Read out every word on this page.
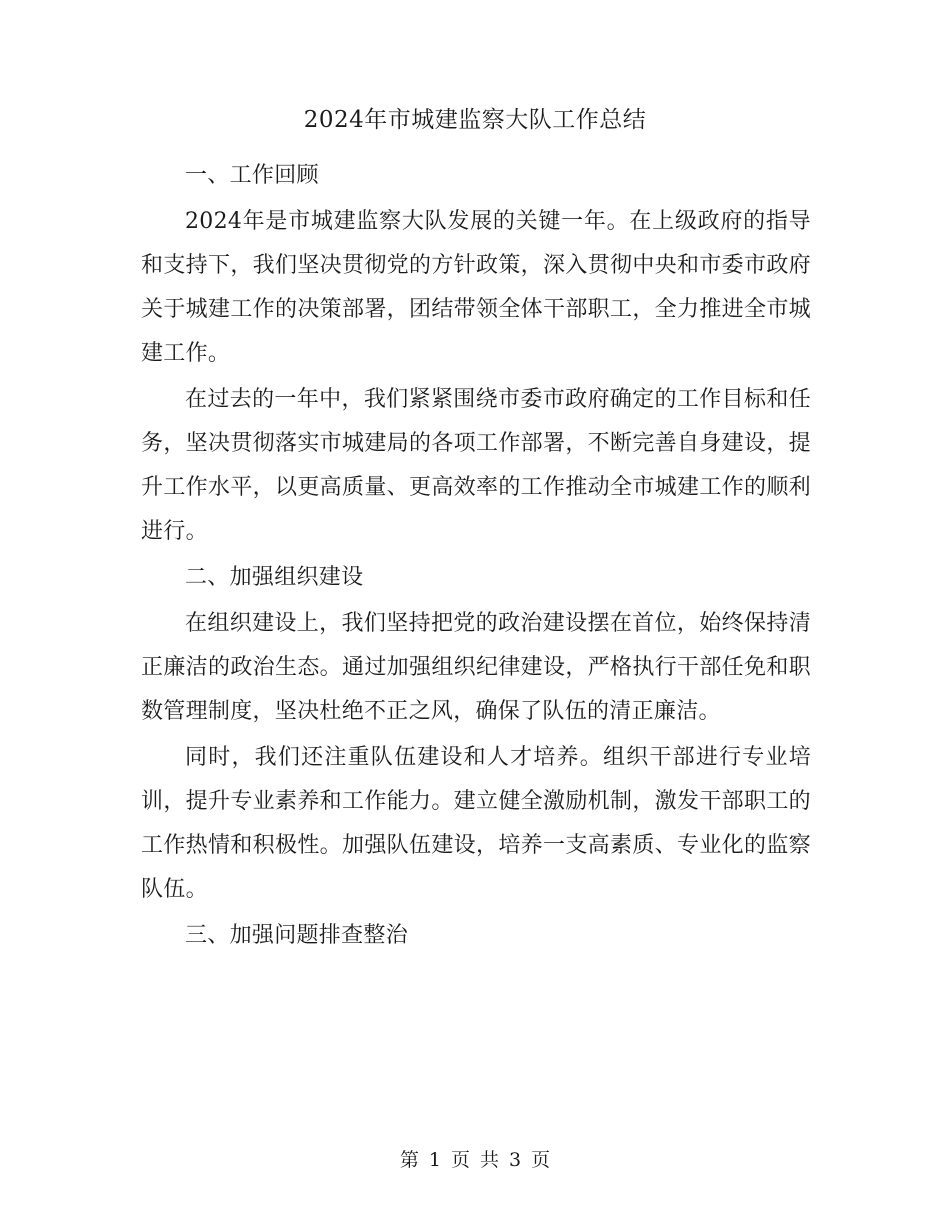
2024年市城建监察大队工作总结

一、工作回顾

2024年是市城建监察大队发展的关键一年。在上级政府的指导和支持下，我们坚决贯彻党的方针政策，深入贯彻中央和市委市政府关于城建工作的决策部署，团结带领全体干部职工，全力推进全市城建工作。

在过去的一年中，我们紧紧围绕市委市政府确定的工作目标和任务，坚决贯彻落实市城建局的各项工作部署，不断完善自身建设，提升工作水平，以更高质量、更高效率的工作推动全市城建工作的顺利进行。

二、加强组织建设

在组织建设上，我们坚持把党的政治建设摆在首位，始终保持清正廉洁的政治生态。通过加强组织纪律建设，严格执行干部任免和职数管理制度，坚决杜绝不正之风，确保了队伍的清正廉洁。

同时，我们还注重队伍建设和人才培养。组织干部进行专业培训，提升专业素养和工作能力。建立健全激励机制，激发干部职工的工作热情和积极性。加强队伍建设，培养一支高素质、专业化的监察队伍。

三、加强问题排查整治

第 1 页 共 3 页
